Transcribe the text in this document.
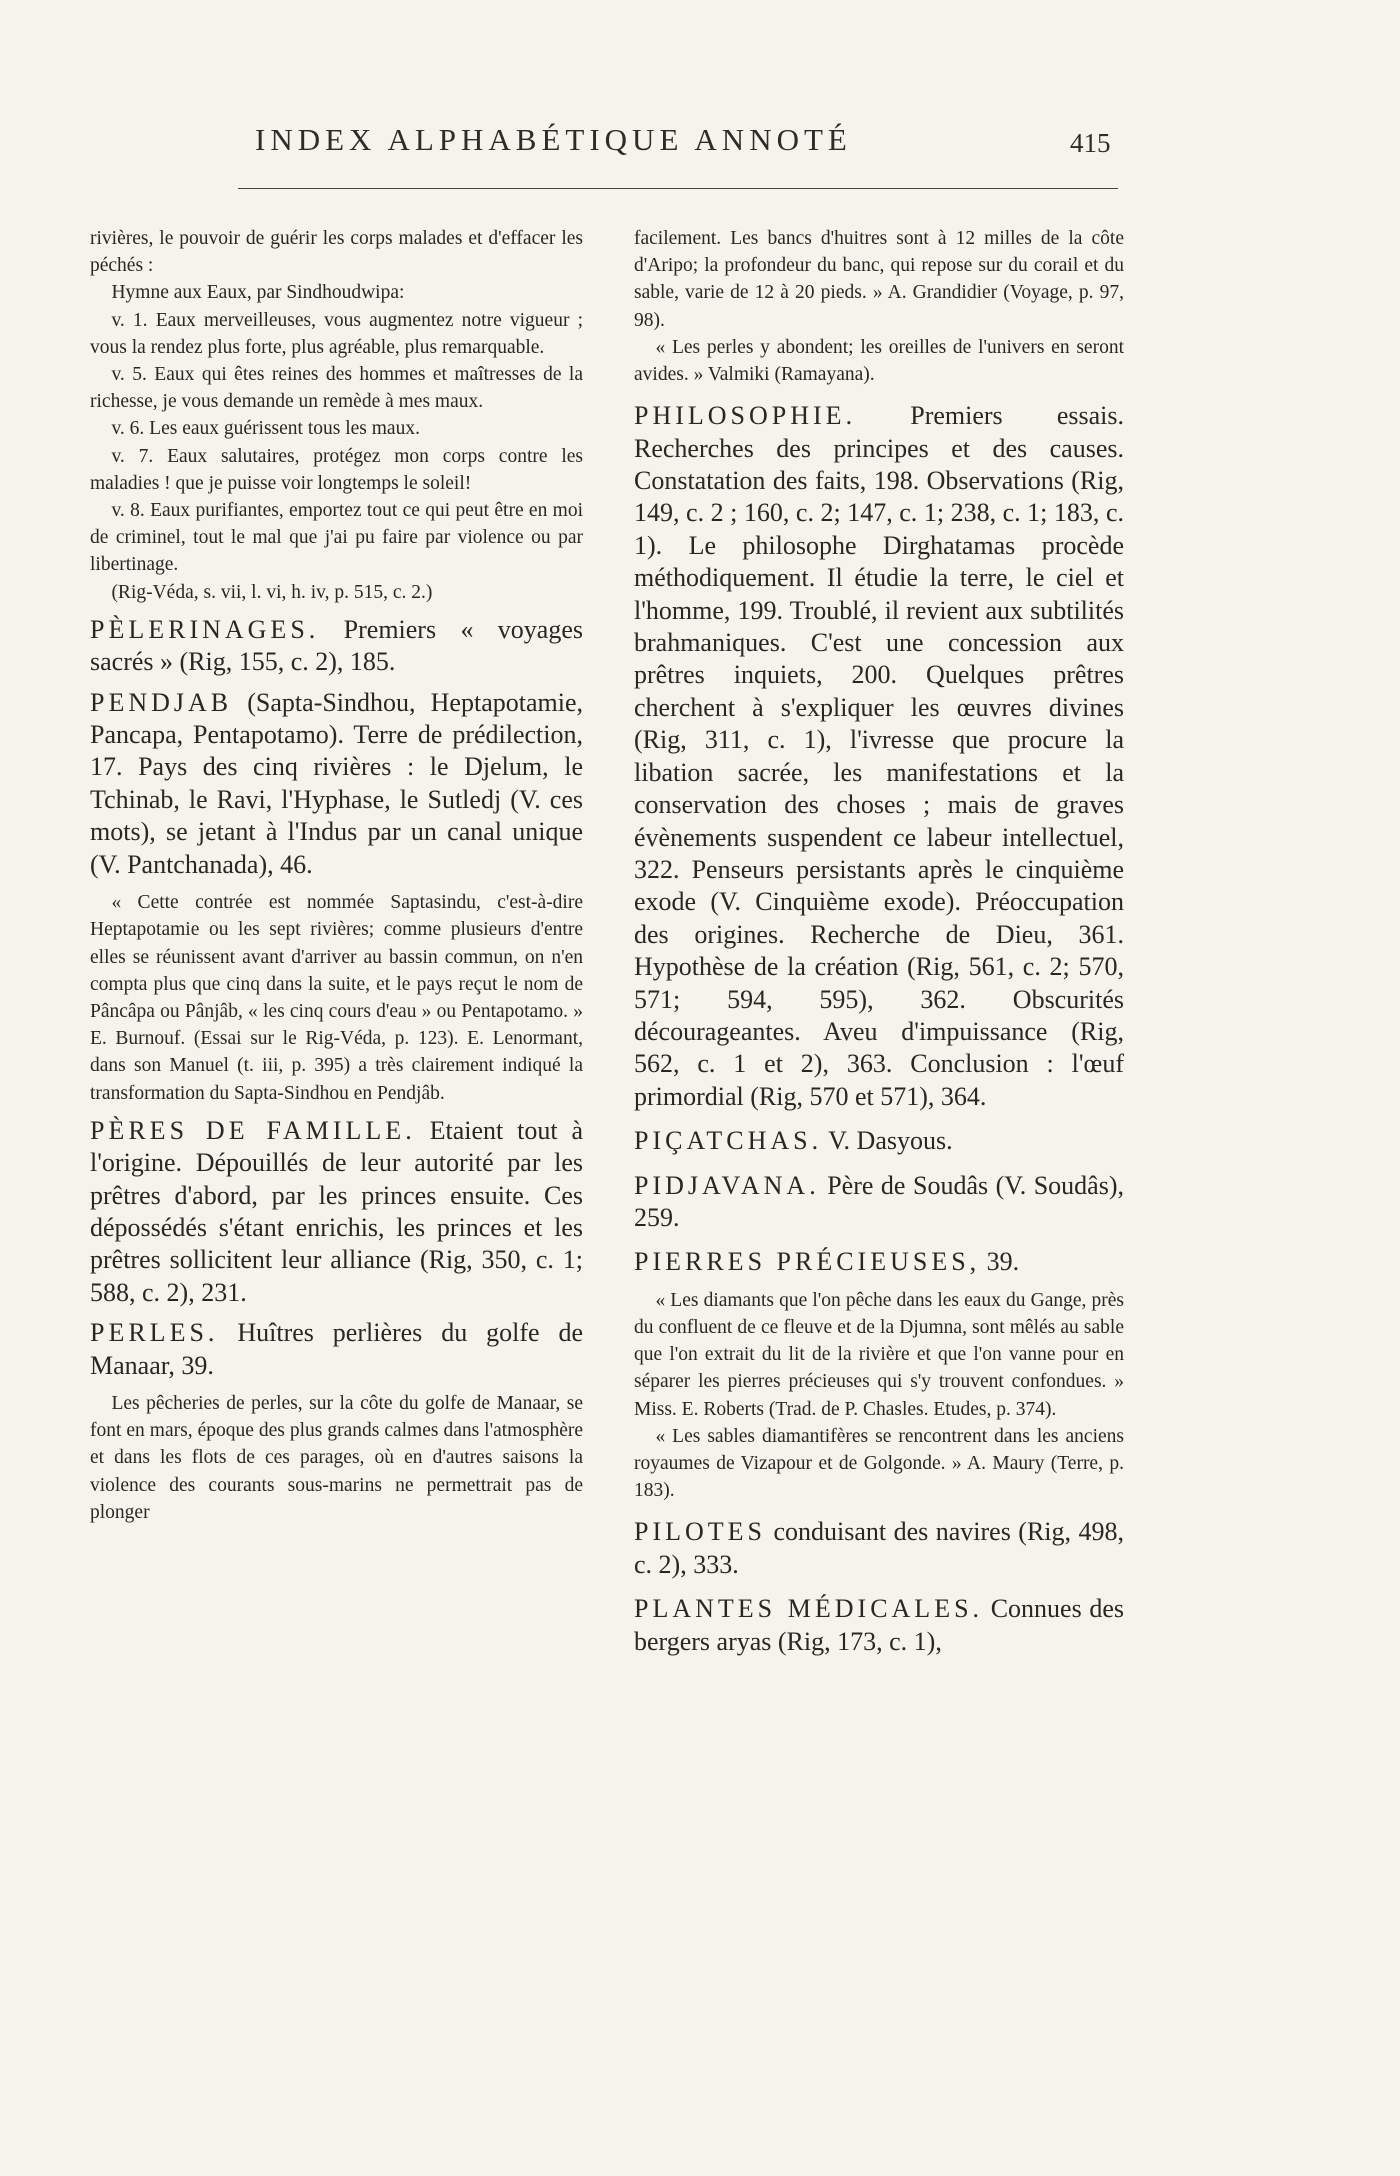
INDEX ALPHABÉTIQUE ANNOTÉ	415

rivières, le pouvoir de guérir les corps malades et d'effacer les péchés :

Hymne aux Eaux, par Sindhoudwipa:

v. 1. Eaux merveilleuses, vous augmentez notre vigueur ; vous la rendez plus forte, plus agréable, plus remarquable.

v. 5. Eaux qui êtes reines des hommes et maîtresses de la richesse, je vous demande un remède à mes maux.

v. 6. Les eaux guérissent tous les maux.

v. 7. Eaux salutaires, protégez mon corps contre les maladies ! que je puisse voir longtemps le soleil!

v. 8. Eaux purifiantes, emportez tout ce qui peut être en moi de criminel, tout le mal que j'ai pu faire par violence ou par libertinage.

(Rig-Véda, s. vii, l. vi, h. iv, p. 515, c. 2.)

PÈLERINAGES. Premiers « voyages sacrés » (Rig, 155, c. 2), 185.

PENDJAB (Sapta-Sindhou, Heptapotamie, Pancapa, Pentapotamo). Terre de prédilection, 17. Pays des cinq rivières : le Djelum, le Tchinab, le Ravi, l'Hyphase, le Sutledj (V. ces mots), se jetant à l'Indus par un canal unique (V. Pantchanada), 46.

« Cette contrée est nommée Saptasindu, c'est-à-dire Heptapotamie ou les sept rivières; comme plusieurs d'entre elles se réunissent avant d'arriver au bassin commun, on n'en compta plus que cinq dans la suite, et le pays reçut le nom de Pâncâpa ou Pânjâb, « les cinq cours d'eau » ou Pentapotamo. » E. Burnouf. (Essai sur le Rig-Véda, p. 123). E. Lenormant, dans son Manuel (t. iii, p. 395) a très clairement indiqué la transformation du Sapta-Sindhou en Pendjâb.

PÈRES DE FAMILLE. Etaient tout à l'origine. Dépouillés de leur autorité par les prêtres d'abord, par les princes ensuite. Ces dépossédés s'étant enrichis, les princes et les prêtres sollicitent leur alliance (Rig, 350, c. 1; 588, c. 2), 231.

PERLES. Huîtres perlières du golfe de Manaar, 39.

Les pêcheries de perles, sur la côte du golfe de Manaar, se font en mars, époque des plus grands calmes dans l'atmosphère et dans les flots de ces parages, où en d'autres saisons la violence des courants sous-marins ne permettrait pas de plonger

facilement. Les bancs d'huitres sont à 12 milles de la côte d'Aripo; la profondeur du banc, qui repose sur du corail et du sable, varie de 12 à 20 pieds. » A. Grandidier (Voyage, p. 97, 98).

« Les perles y abondent; les oreilles de l'univers en seront avides. » Valmiki (Ramayana).

PHILOSOPHIE. Premiers essais. Recherches des principes et des causes. Constatation des faits, 198. Observations (Rig, 149, c. 2 ; 160, c. 2; 147, c. 1; 238, c. 1; 183, c. 1). Le philosophe Dirghatamas procède méthodiquement. Il étudie la terre, le ciel et l'homme, 199. Troublé, il revient aux subtilités brahmaniques. C'est une concession aux prêtres inquiets, 200. Quelques prêtres cherchent à s'expliquer les œuvres divines (Rig, 311, c. 1), l'ivresse que procure la libation sacrée, les manifestations et la conservation des choses ; mais de graves évènements suspendent ce labeur intellectuel, 322. Penseurs persistants après le cinquième exode (V. Cinquième exode). Préoccupation des origines. Recherche de Dieu, 361. Hypothèse de la création (Rig, 561, c. 2; 570, 571; 594, 595), 362. Obscurités décourageantes. Aveu d'impuissance (Rig, 562, c. 1 et 2), 363. Conclusion : l'œuf primordial (Rig, 570 et 571), 364.

PIÇATCHAS. V. Dasyous.

PIDJAVANA. Père de Soudâs (V. Soudâs), 259.

PIERRES PRÉCIEUSES, 39.

« Les diamants que l'on pêche dans les eaux du Gange, près du confluent de ce fleuve et de la Djumna, sont mêlés au sable que l'on extrait du lit de la rivière et que l'on vanne pour en séparer les pierres précieuses qui s'y trouvent confondues. » Miss. E. Roberts (Trad. de P. Chasles. Etudes, p. 374).

« Les sables diamantifères se rencontrent dans les anciens royaumes de Vizapour et de Golgonde. » A. Maury (Terre, p. 183).

PILOTES conduisant des navires (Rig, 498, c. 2), 333.

PLANTES MÉDICALES. Connues des bergers aryas (Rig, 173, c. 1),
